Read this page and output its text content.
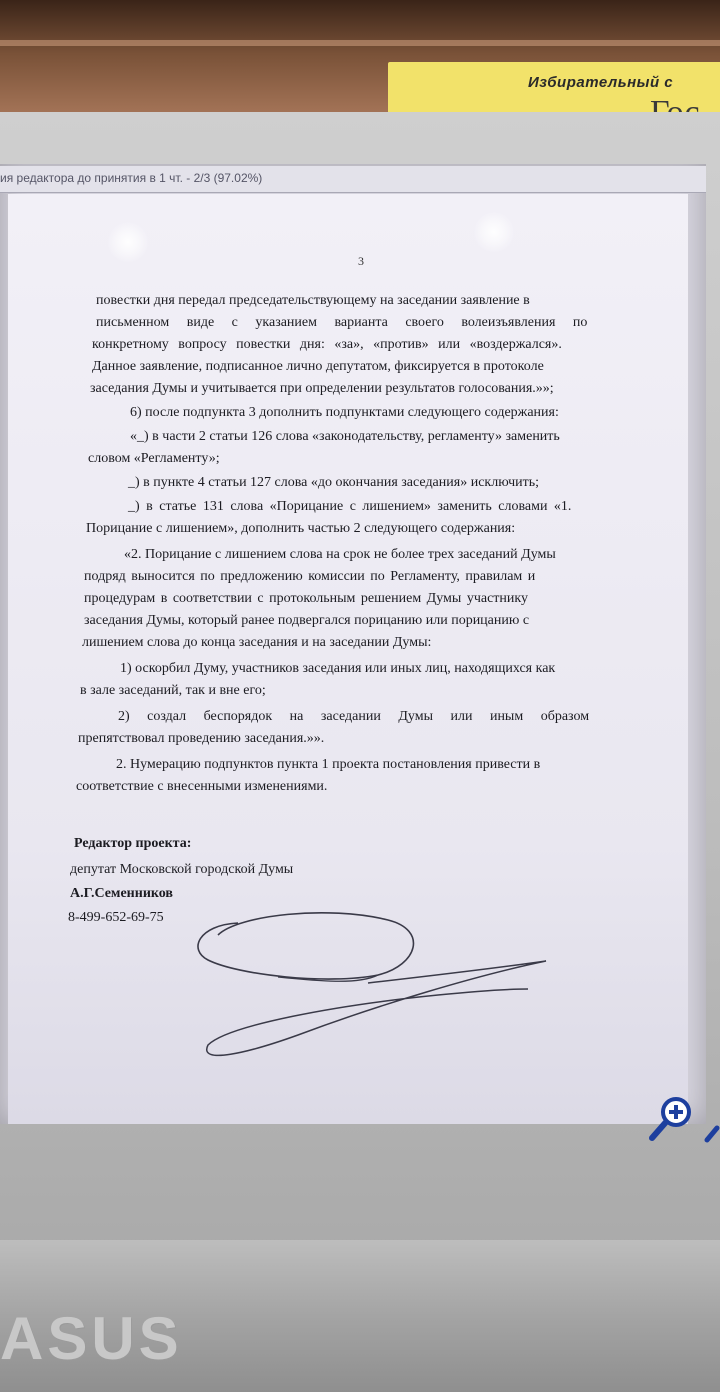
Избирательный с
ия редактора до принятия в 1 чт. - 2/3 (97.02%)
3
повестки дня передал председательствующему на заседании заявление в
письменном виде с указанием варианта своего волеизъявления по
конкретному вопросу повестки дня: «за», «против» или «воздержался».
Данное заявление, подписанное лично депутатом, фиксируется в протоколе
заседания Думы и учитывается при определении результатов голосования.»»;
6) после подпункта 3 дополнить подпунктами следующего содержания:
«_) в части 2 статьи 126 слова «законодательству, регламенту» заменить
словом «Регламенту»;
_) в пункте 4 статьи 127 слова «до окончания заседания» исключить;
_) в статье 131 слова «Порицание с лишением» заменить словами «1.
Порицание с лишением», дополнить частью 2 следующего содержания:
«2. Порицание с лишением слова на срок не более трех заседаний Думы
подряд выносится по предложению комиссии по Регламенту, правилам и
процедурам в соответствии с протокольным решением Думы участнику
заседания Думы, который ранее подвергался порицанию или порицанию с
лишением слова до конца заседания и на заседании Думы:
1) оскорбил Думу, участников заседания или иных лиц, находящихся как
в зале заседаний, так и вне его;
2) создал беспорядок на заседании Думы или иным образом
препятствовал проведению заседания.»».
2. Нумерацию подпунктов пункта 1 проекта постановления привести в
соответствие с внесенными изменениями.
Редактор проекта:
депутат Московской городской Думы
А.Г.Семенников
8-499-652-69-75
ASUS
